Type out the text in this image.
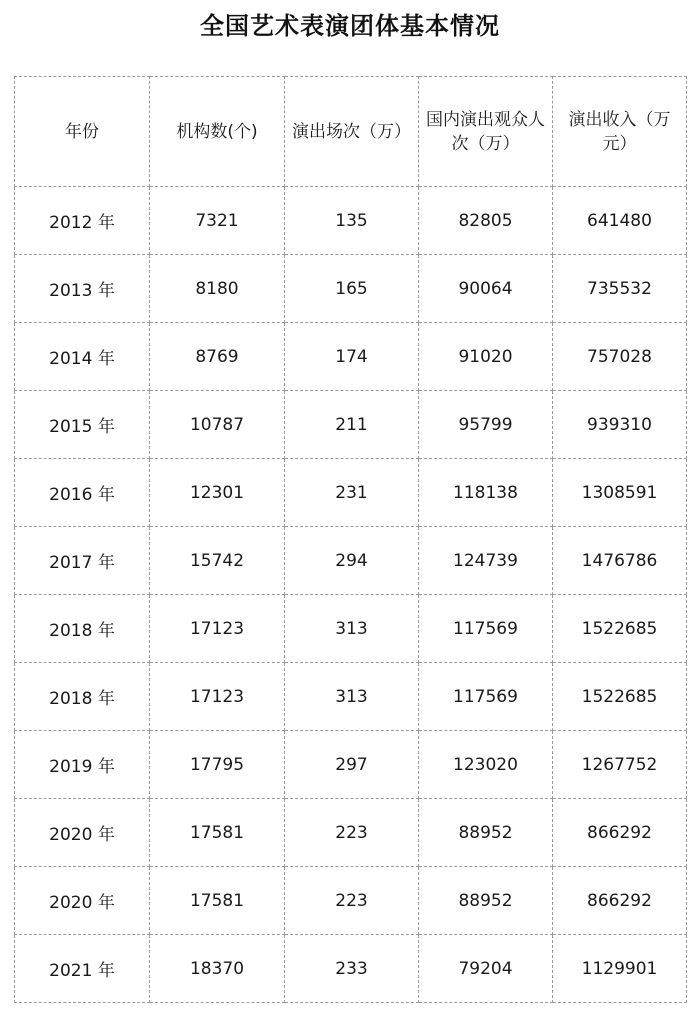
全国艺术表演团体基本情况
年份	机构数(个)	演出场次（万）	国内演出观众人次（万）	演出收入（万元）
2012 年	7321	135	82805	641480
2013 年	8180	165	90064	735532
2014 年	8769	174	91020	757028
2015 年	10787	211	95799	939310
2016 年	12301	231	118138	1308591
2017 年	15742	294	124739	1476786
2018 年	17123	313	117569	1522685
2018 年	17123	313	117569	1522685
2019 年	17795	297	123020	1267752
2020 年	17581	223	88952	866292
2020 年	17581	223	88952	866292
2021 年	18370	233	79204	1129901
